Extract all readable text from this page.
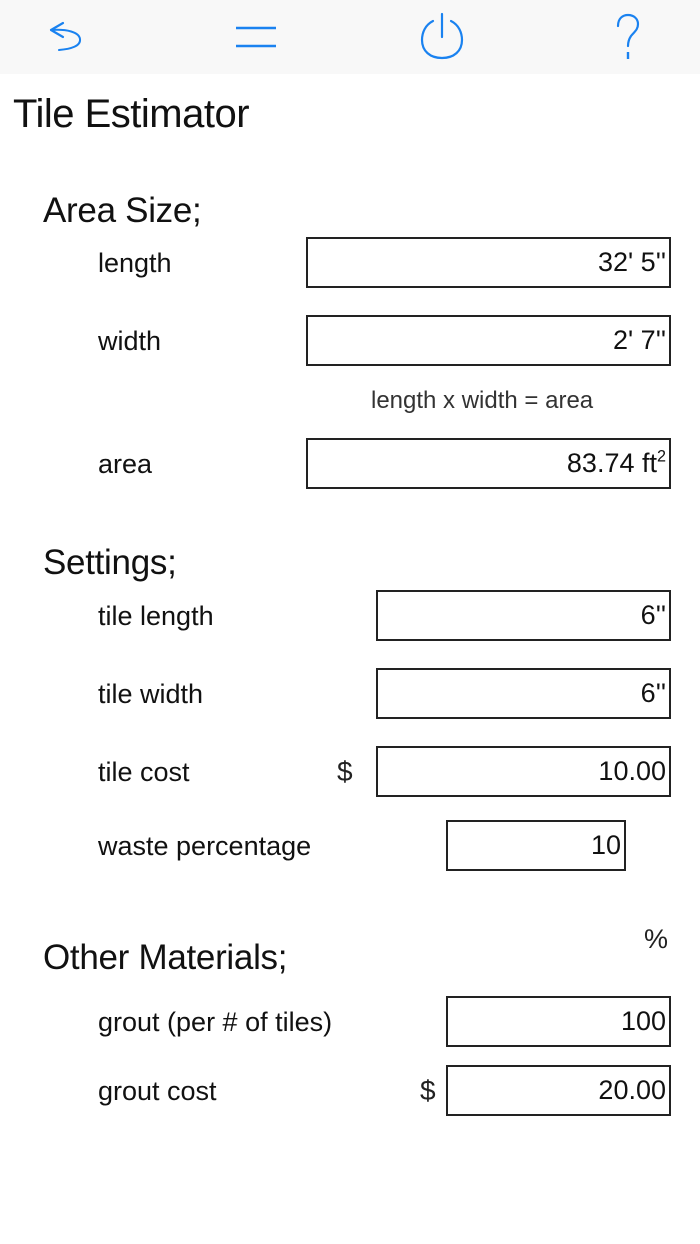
Tile Estimator
Area Size;
length	32' 5''
width	2' 7''
length x width = area
area	83.74 $ft^2$
Settings;
tile length	6''
tile width	6''
tile cost	$	10.00
waste percentage	10
%
Other Materials;
grout (per # of tiles)	100
grout cost	$	20.00
